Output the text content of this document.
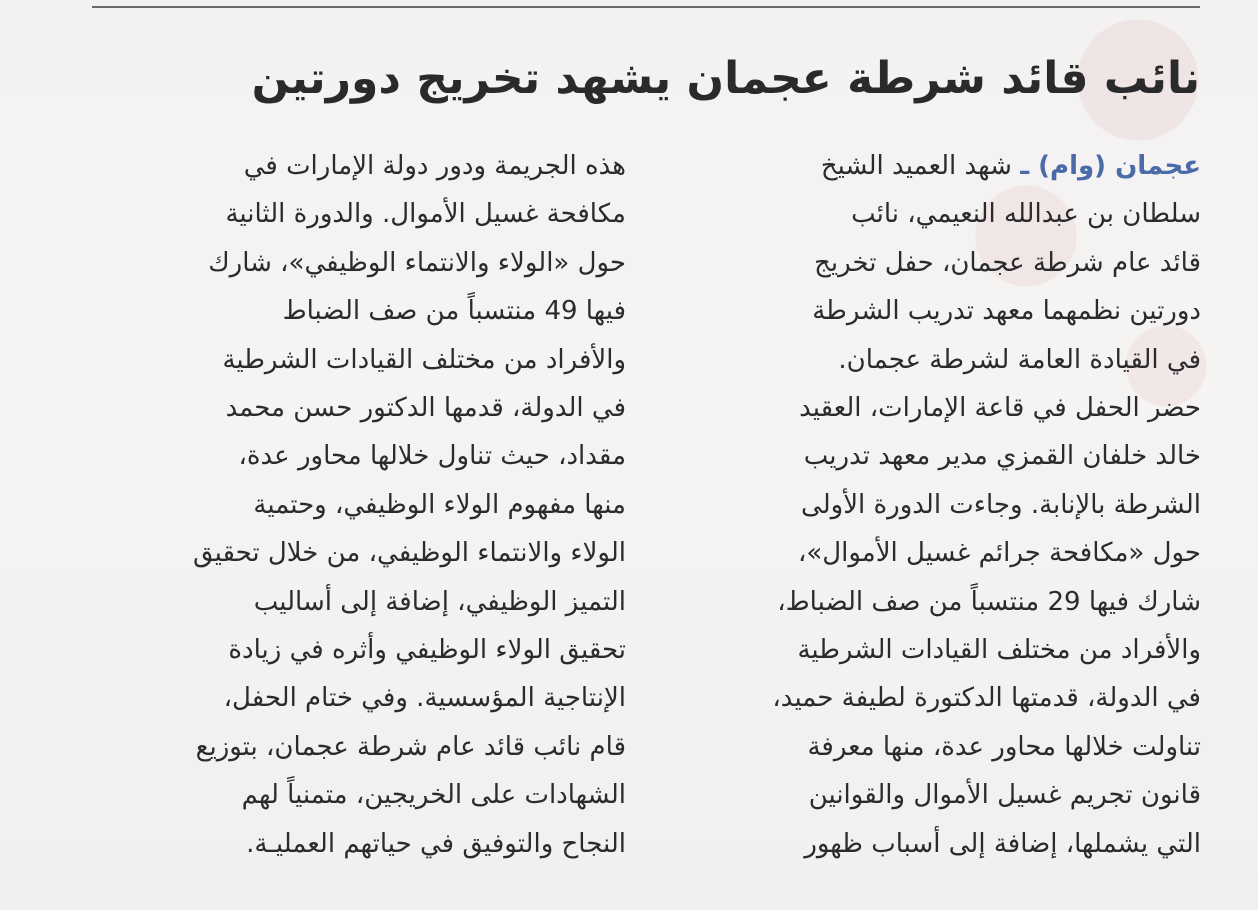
نائب قائد شرطة عجمان يشهد تخريج دورتين
عجمان (وام) ـ شهد العميد الشيخ
سلطان بن عبدالله النعيمي، نائب
قائد عام شرطة عجمان، حفل تخريج
دورتين نظمهما معهد تدريب الشرطة
في القيادة العامة لشرطة عجمان.
حضر الحفل في قاعة الإمارات، العقيد
خالد خلفان القمزي مدير معهد تدريب
الشرطة بالإنابة. وجاءت الدورة الأولى
حول «مكافحة جرائم غسيل الأموال»،
شارك فيها 29 منتسباً من صف الضباط،
والأفراد من مختلف القيادات الشرطية
في الدولة، قدمتها الدكتورة لطيفة حميد،
تناولت خلالها محاور عدة، منها معرفة
قانون تجريم غسيل الأموال والقوانين
التي يشملها، إضافة إلى أسباب ظهور
هذه الجريمة ودور دولة الإمارات في
مكافحة غسيل الأموال. والدورة الثانية
حول «الولاء والانتماء الوظيفي»، شارك
فيها 49 منتسباً من صف الضباط
والأفراد من مختلف القيادات الشرطية
في الدولة، قدمها الدكتور حسن محمد
مقداد، حيث تناول خلالها محاور عدة،
منها مفهوم الولاء الوظيفي، وحتمية
الولاء والانتماء الوظيفي، من خلال تحقيق
التميز الوظيفي، إضافة إلى أساليب
تحقيق الولاء الوظيفي وأثره في زيادة
الإنتاجية المؤسسية. وفي ختام الحفل،
قام نائب قائد عام شرطة عجمان، بتوزيع
الشهادات على الخريجين، متمنياً لهم
النجاح والتوفيق في حياتهم العمليـة.
